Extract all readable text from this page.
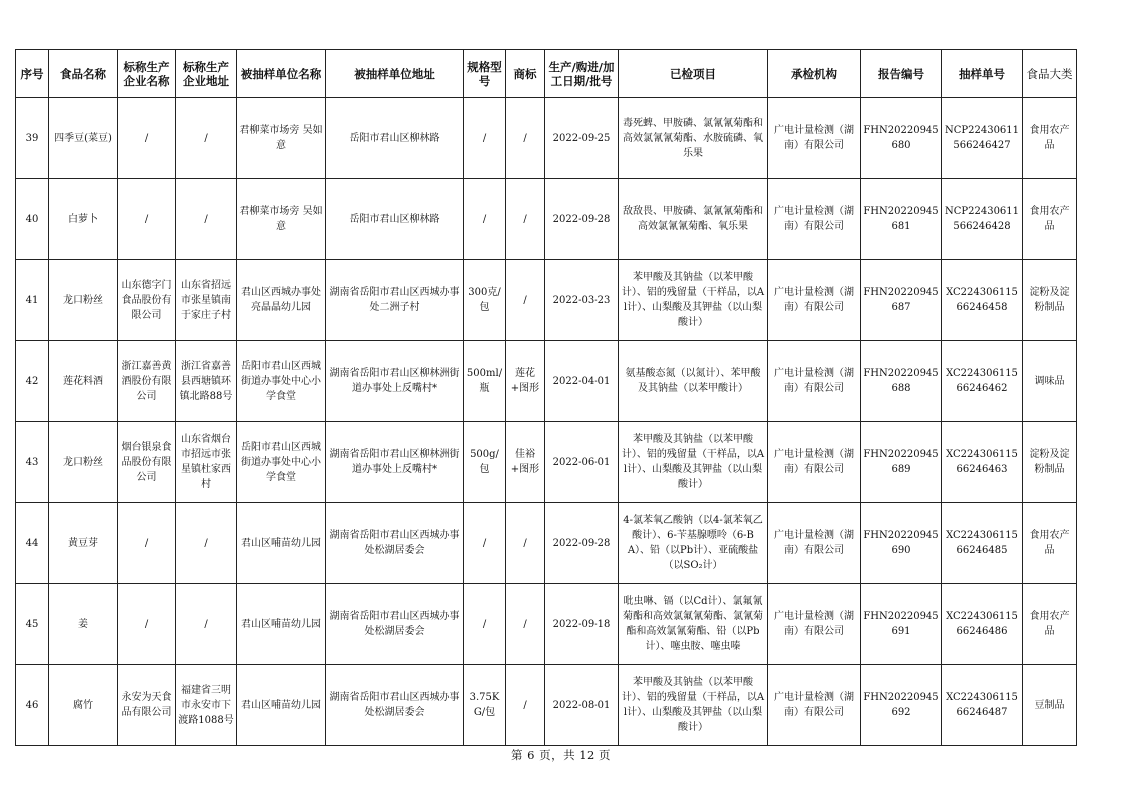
序号	食品名称	标称生产企业名称	标称生产企业地址	被抽样单位名称	被抽样单位地址	规格型号	商标	生产/购进/加工日期/批号	已检项目	承检机构	报告编号	抽样单号	食品大类
39	四季豆(菜豆)	/	/	君柳菜市场旁 吴如意	岳阳市君山区柳林路	/	/	2022-09-25	毒死蜱、甲胺磷、氯氰氰菊酯和高效氯氰氰菊酯、水胺硫磷、氧乐果	广电计量检测（湖南）有限公司	FHN20220945680	NCP22430611566246427	食用农产品
40	白萝卜	/	/	君柳菜市场旁 吴如意	岳阳市君山区柳林路	/	/	2022-09-28	敌敌畏、甲胺磷、氯氰氰菊酯和高效氯氰氰菊酯、氧乐果	广电计量检测（湖南）有限公司	FHN20220945681	NCP22430611566246428	食用农产品
41	龙口粉丝	山东德字门食品股份有限公司	山东省招远市张星镇南于家庄子村	君山区西城办事处亮晶晶幼儿园	湖南省岳阳市君山区西城办事处二洲子村	300克/包	/	2022-03-23	苯甲酸及其钠盐（以苯甲酸计）、铝的残留量（干样品，以Al计）、山梨酸及其钾盐（以山梨酸计）	广电计量检测（湖南）有限公司	FHN20220945687	XC22430611566246458	淀粉及淀粉制品
42	莲花料酒	浙江嘉善黄酒股份有限公司	浙江省嘉善县西塘镇环镇北路88号	岳阳市君山区西城街道办事处中心小学食堂	湖南省岳阳市君山区柳林洲街道办事处上反嘴村*	500ml/瓶	莲花+图形	2022-04-01	氨基酸态氮（以氮计）、苯甲酸及其钠盐（以苯甲酸计）	广电计量检测（湖南）有限公司	FHN20220945688	XC22430611566246462	调味品
43	龙口粉丝	烟台银泉食品股份有限公司	山东省烟台市招远市张星镇杜家西村	岳阳市君山区西城街道办事处中心小学食堂	湖南省岳阳市君山区柳林洲街道办事处上反嘴村*	500g/包	佳裕+图形	2022-06-01	苯甲酸及其钠盐（以苯甲酸计）、铝的残留量（干样品，以Al计）、山梨酸及其钾盐（以山梨酸计）	广电计量检测（湖南）有限公司	FHN20220945689	XC22430611566246463	淀粉及淀粉制品
44	黄豆芽	/	/	君山区哺苗幼儿园	湖南省岳阳市君山区西城办事处松湖居委会	/	/	2022-09-28	4-氯苯氧乙酸钠（以4-氯苯氧乙酸计）、6-苄基腺嘌呤（6-BA）、铅（以Pb计）、亚硫酸盐（以SO₂计）	广电计量检测（湖南）有限公司	FHN20220945690	XC22430611566246485	食用农产品
45	姜	/	/	君山区哺苗幼儿园	湖南省岳阳市君山区西城办事处松湖居委会	/	/	2022-09-18	吡虫啉、镉（以Cd计）、氯氟氰菊酯和高效氯氟氰菊酯、氯氰菊酯和高效氯氰菊酯、铅（以Pb计）、噻虫胺、噻虫嗪	广电计量检测（湖南）有限公司	FHN20220945691	XC22430611566246486	食用农产品
46	腐竹	永安为天食品有限公司	福建省三明市永安市下渡路1088号	君山区哺苗幼儿园	湖南省岳阳市君山区西城办事处松湖居委会	3.75KG/包	/	2022-08-01	苯甲酸及其钠盐（以苯甲酸计）、铝的残留量（干样品，以Al计）、山梨酸及其钾盐（以山梨酸计）	广电计量检测（湖南）有限公司	FHN20220945692	XC22430611566246487	豆制品
第 6 页，共 12 页
